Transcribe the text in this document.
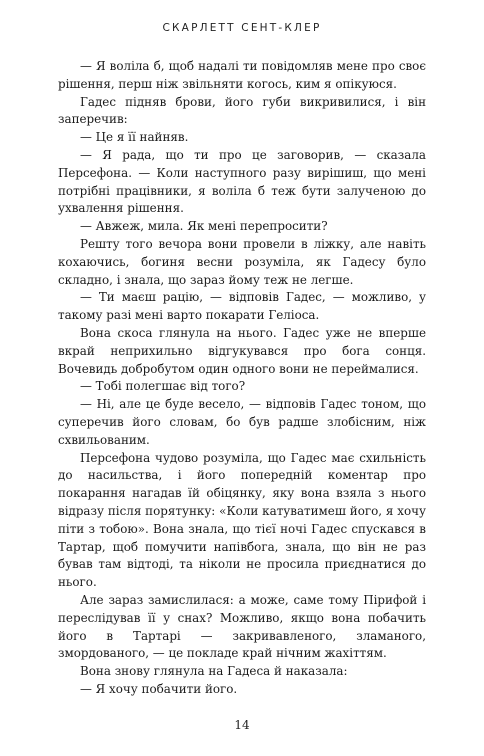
СКАРЛЕТТ СЕНТ-КЛЕР

— Я воліла б, щоб надалі ти повідомляв мене про своє рішення, перш ніж звільняти когось, ким я опікуюся.

Гадес підняв брови, його губи викривилися, і він заперечив:

— Це я її найняв.

— Я рада, що ти про це заговорив, — сказала Персефона. — Коли наступного разу вирішиш, що мені потрібні працівники, я воліла б теж бути залученою до ухвалення рішення.

— Авжеж, мила. Як мені перепросити?

Решту того вечора вони провели в ліжку, але навіть кохаючись, богиня весни розуміла, як Гадесу було складно, і знала, що зараз йому теж не легше.

— Ти маєш рацію, — відповів Гадес, — можливо, у такому разі мені варто покарати Геліоса.

Вона скоса глянула на нього. Гадес уже не вперше вкрай неприхильно відгукувався про бога сонця. Вочевидь добробутом один одного вони не переймалися.

— Тобі полегшає від того?

— Ні, але це буде весело, — відповів Гадес тоном, що суперечив його словам, бо був радше злобісним, ніж схвильованим.

Персефона чудово розуміла, що Гадес має схильність до насильства, і його попередній коментар про покарання нагадав їй обіцянку, яку вона взяла з нього відразу після порятунку: «Коли катуватимеш його, я хочу піти з тобою». Вона знала, що тієї ночі Гадес спускався в Тартар, щоб помучити напівбога, знала, що він не раз бував там відтоді, та ніколи не просила приєднатися до нього.

Але зараз замислилася: а може, саме тому Пірифой і переслідував її у снах? Можливо, якщо вона побачить його в Тартарі — закривавленого, зламаного, змордованого, — це покладе край нічним жахіттям.

Вона знову глянула на Гадеса й наказала:

— Я хочу побачити його.

14
